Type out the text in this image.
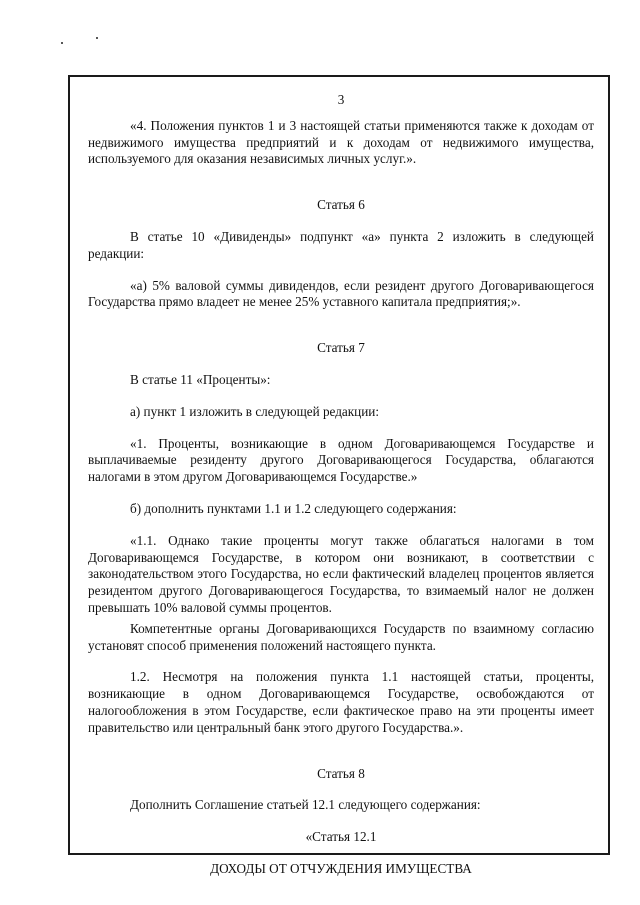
3

«4. Положения пунктов 1 и 3 настоящей статьи применяются также к доходам от недвижимого имущества предприятий и к доходам от недвижимого имущества, используемого для оказания независимых личных услуг.».

Статья 6

В статье 10 «Дивиденды» подпункт «а» пункта 2 изложить в следующей редакции:

«а) 5% валовой суммы дивидендов, если резидент другого Договаривающегося Государства прямо владеет не менее 25% уставного капитала предприятия;».

Статья 7

В статье 11 «Проценты»:

а) пункт 1 изложить в следующей редакции:

«1. Проценты, возникающие в одном Договаривающемся Государстве и выплачиваемые резиденту другого Договаривающегося Государства, облагаются налогами в этом другом Договаривающемся Государстве.»

б) дополнить пунктами 1.1 и 1.2 следующего содержания:

«1.1. Однако такие проценты могут также облагаться налогами в том Договаривающемся Государстве, в котором они возникают, в соответствии с законодательством этого Государства, но если фактический владелец процентов является резидентом другого Договаривающегося Государства, то взимаемый налог не должен превышать 10% валовой суммы процентов.

Компетентные органы Договаривающихся Государств по взаимному согласию установят способ применения положений настоящего пункта.

1.2. Несмотря на положения пункта 1.1 настоящей статьи, проценты, возникающие в одном Договаривающемся Государстве, освобождаются от налогообложения в этом Государстве, если фактическое право на эти проценты имеет правительство или центральный банк этого другого Государства.».

Статья 8

Дополнить Соглашение статьей 12.1 следующего содержания:

«Статья 12.1

ДОХОДЫ ОТ ОТЧУЖДЕНИЯ ИМУЩЕСТВА
